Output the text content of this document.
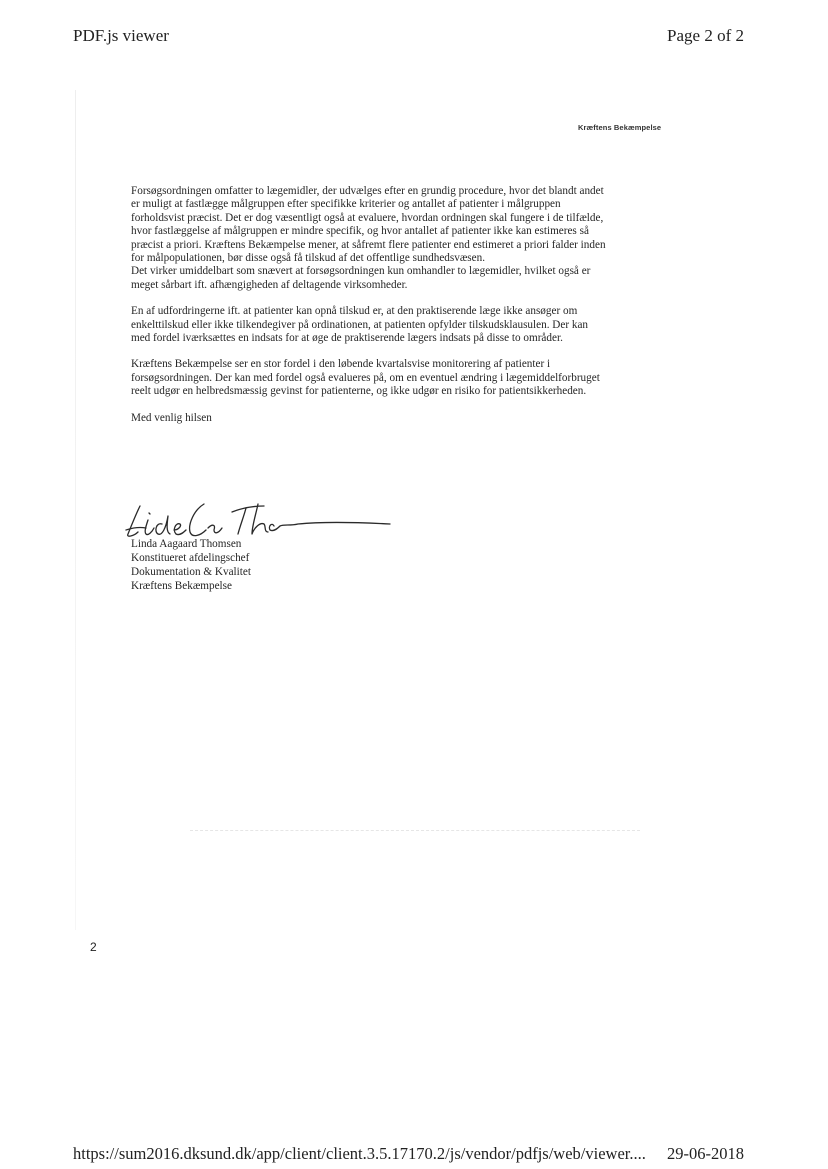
PDF.js viewer	Page 2 of 2
Kræftens Bekæmpelse

Forsøgsordningen omfatter to lægemidler, der udvælges efter en grundig procedure, hvor det blandt andet er muligt at fastlægge målgruppen efter specifikke kriterier og antallet af patienter i målgruppen forholdsvist præcist. Det er dog væsentligt også at evaluere, hvordan ordningen skal fungere i de tilfælde, hvor fastlæggelse af målgruppen er mindre specifik, og hvor antallet af patienter ikke kan estimeres så præcist a priori. Kræftens Bekæmpelse mener, at såfremt flere patienter end estimeret a priori falder inden for målpopulationen, bør disse også få tilskud af det offentlige sundhedsvæsen.

Det virker umiddelbart som snævert at forsøgsordningen kun omhandler to lægemidler, hvilket også er meget sårbart ift. afhængigheden af deltagende virksomheder.

En af udfordringerne ift. at patienter kan opnå tilskud er, at den praktiserende læge ikke ansøger om enkelttilskud eller ikke tilkendegiver på ordinationen, at patienten opfylder tilskudsklausulen. Der kan med fordel iværksættes en indsats for at øge de praktiserende lægers indsats på disse to områder.

Kræftens Bekæmpelse ser en stor fordel i den løbende kvartalsvise monitorering af patienter i forsøgsordningen. Der kan med fordel også evalueres på, om en eventuel ændring i lægemiddelforbruget reelt udgør en helbredsmæssig gevinst for patienterne, og ikke udgør en risiko for patientsikkerheden.

Med venlig hilsen

Linda Aagaard Thomsen
Konstitueret afdelingschef
Dokumentation & Kvalitet
Kræftens Bekæmpelse
2
https://sum2016.dksund.dk/app/client/client.3.5.17170.2/js/vendor/pdfjs/web/viewer.... 29-06-2018
